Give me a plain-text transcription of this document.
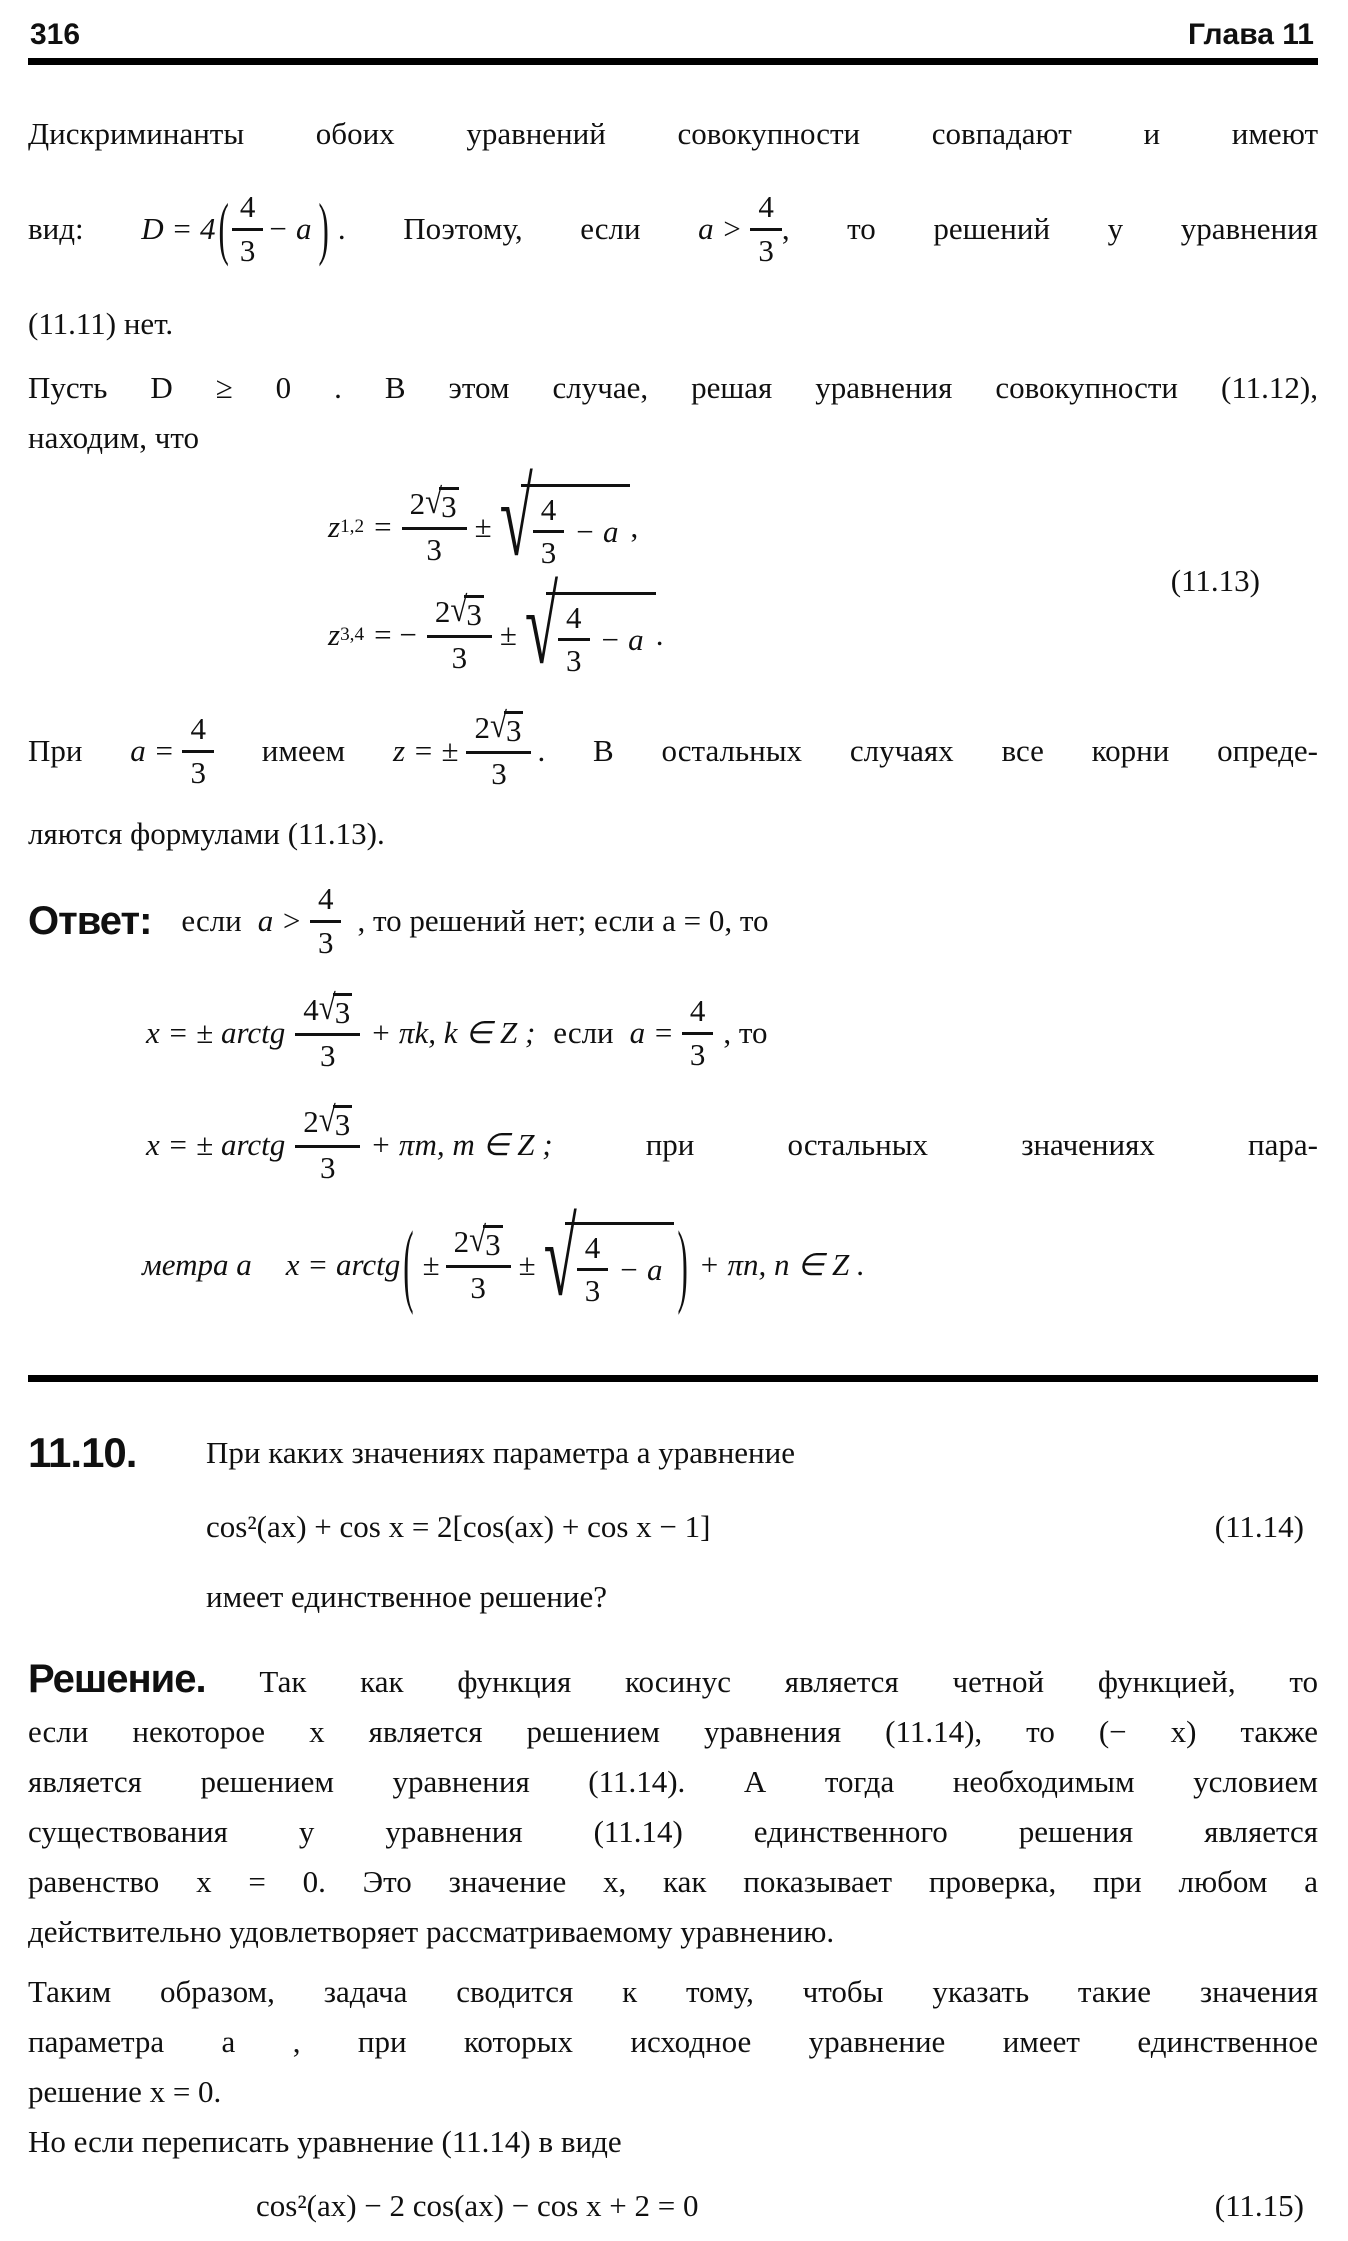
316	Глава 11
Дискриминанты обоих уравнений совокупности совпадают и имеют
вид: D = 4 ( $\frac{4}{3} - a$ ) . Поэтому, если $a > \frac{4}{3}$ , то решений у уравнения
(11.11) нет.
Пусть D ≥ 0 . В этом случае, решая уравнения совокупности (11.12),
находим, что
z $1,2 = \frac{2 √ 3}{3}$ ± √ $\frac{4}{3} - a$ ,
z 3,4 = − $\frac{2 √ 3}{3}$ ± √ $\frac{4}{3} - a$ .
(11.13)
При $a = \frac{4}{3}$ имеем z = ± $\frac{2 √ 3}{3}$ . В остальных случаях все корни опреде-
ляются формулами (11.13).
Ответ: если $a > \frac{4}{3}$ , то решений нет; если a = 0, то
x = ± arctg $\frac{4 √ 3}{3} + \pi k$, k ∈ Z ; если $a = \frac{4}{3}$ , то
x = ± arctg $\frac{2 √ 3}{3} + \pi m$, m ∈ Z ;	при	остальных	значениях	пара-
метра a x = arctg ( ± $\frac{2 √ 3}{3}$ ± √ $\frac{4}{3} - a$ ) + πn, n ∈ Z .
11.10.	При каких значениях параметра a уравнение
cos²(ax) + cos x = 2[cos(ax) + cos x − 1]	(11.14)
имеет единственное решение?
Решение. Так как функция косинус является четной функцией, то
если некоторое x является решением уравнения (11.14), то (− x) также
является решением уравнения (11.14). А тогда необходимым условием
существования у уравнения (11.14) единственного решения является
равенство x = 0. Это значение x, как показывает проверка, при любом a
действительно удовлетворяет рассматриваемому уравнению.
Таким образом, задача сводится к тому, чтобы указать такие значения
параметра a , при которых исходное уравнение имеет единственное
решение x = 0.
Но если переписать уравнение (11.14) в виде
cos²(ax) − 2 cos(ax) − cos x + 2 = 0	(11.15)
